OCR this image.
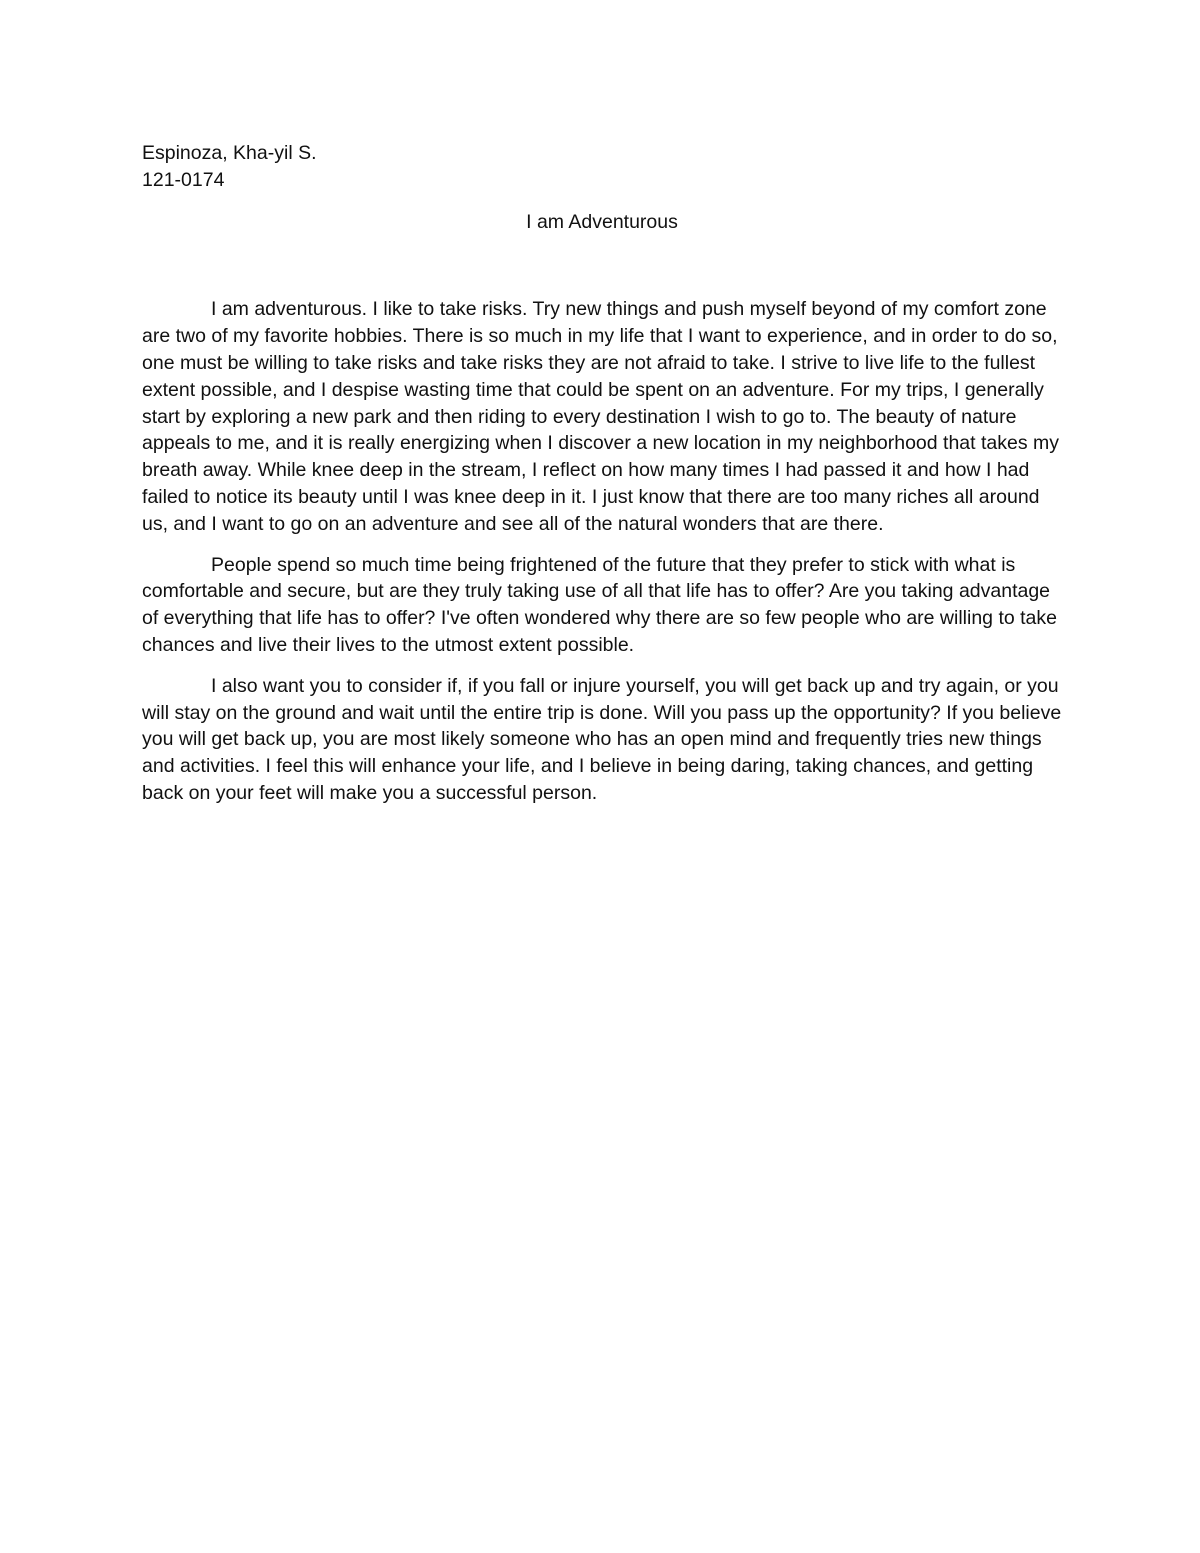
Espinoza, Kha-yil S.

121-0174

I am Adventurous

I am adventurous. I like to take risks. Try new things and push myself beyond of my comfort zone are two of my favorite hobbies. There is so much in my life that I want to experience, and in order to do so, one must be willing to take risks and take risks they are not afraid to take. I strive to live life to the fullest extent possible, and I despise wasting time that could be spent on an adventure. For my trips, I generally start by exploring a new park and then riding to every destination I wish to go to. The beauty of nature appeals to me, and it is really energizing when I discover a new location in my neighborhood that takes my breath away. While knee deep in the stream, I reflect on how many times I had passed it and how I had failed to notice its beauty until I was knee deep in it. I just know that there are too many riches all around us, and I want to go on an adventure and see all of the natural wonders that are there.

People spend so much time being frightened of the future that they prefer to stick with what is comfortable and secure, but are they truly taking use of all that life has to offer? Are you taking advantage of everything that life has to offer? I've often wondered why there are so few people who are willing to take chances and live their lives to the utmost extent possible.

I also want you to consider if, if you fall or injure yourself, you will get back up and try again, or you will stay on the ground and wait until the entire trip is done. Will you pass up the opportunity? If you believe you will get back up, you are most likely someone who has an open mind and frequently tries new things and activities. I feel this will enhance your life, and I believe in being daring, taking chances, and getting back on your feet will make you a successful person.
